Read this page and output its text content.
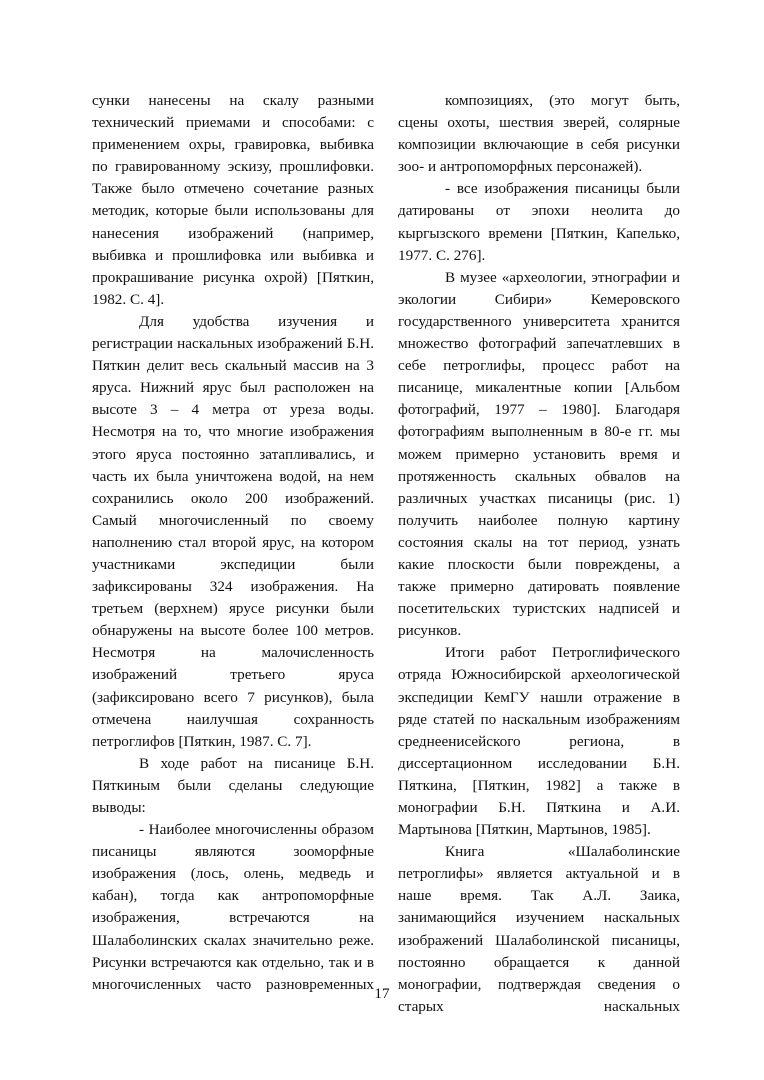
сунки нанесены на скалу разными технический приемами и способами: с применением охры, гравировка, выбивка по гравированному эскизу, прошлифовки. Также было отмечено сочетание разных методик, которые были использованы для нанесения изображений (например, выбивка и прошлифовка или выбивка и прокрашивание рисунка охрой) [Пяткин, 1982. С. 4].

Для удобства изучения и регистрации наскальных изображений Б.Н. Пяткин делит весь скальный массив на 3 яруса. Нижний ярус был расположен на высоте 3 – 4 метра от уреза воды. Несмотря на то, что многие изображения этого яруса постоянно затапливались, и часть их была уничтожена водой, на нем сохранились около 200 изображений. Самый многочисленный по своему наполнению стал второй ярус, на котором участниками экспедиции были зафиксированы 324 изображения. На третьем (верхнем) ярусе рисунки были обнаружены на высоте более 100 метров. Несмотря на малочисленность изображений третьего яруса (зафиксировано всего 7 рисунков), была отмечена наилучшая сохранность петроглифов [Пяткин, 1987. С. 7].

В ходе работ на писанице Б.Н. Пяткиным были сделаны следующие выводы:

- Наиболее многочисленны образом писаницы являются зооморфные изображения (лось, олень, медведь и кабан), тогда как антропоморфные изображения, встречаются на Шалаболинских скалах значительно реже. Рисунки встречаются как отдельно, так и в многочисленных часто разновременных

композициях, (это могут быть, сцены охоты, шествия зверей, солярные композиции включающие в себя рисунки зоо- и антропоморфных персонажей).

- все изображения писаницы были датированы от эпохи неолита до кыргызского времени [Пяткин, Капелько, 1977. С. 276].

В музее «археологии, этнографии и экологии Сибири» Кемеровского государственного университета хранится множество фотографий запечатлевших в себе петроглифы, процесс работ на писанице, микалентные копии [Альбом фотографий, 1977 – 1980]. Благодаря фотографиям выполненным в 80-е гг. мы можем примерно установить время и протяженность скальных обвалов на различных участках писаницы (рис. 1) получить наиболее полную картину состояния скалы на тот период, узнать какие плоскости были повреждены, а также примерно датировать появление посетительских туристских надписей и рисунков.

Итоги работ Петроглифического отряда Южносибирской археологической экспедиции КемГУ нашли отражение в ряде статей по наскальным изображениям среднеенисейского региона, в диссертационном исследовании Б.Н. Пяткина, [Пяткин, 1982] а также в монографии Б.Н. Пяткина и А.И. Мартынова [Пяткин, Мартынов, 1985].

Книга «Шалаболинские петроглифы» является актуальной и в наше время. Так А.Л. Заика, занимающийся изучением наскальных изображений Шалаболинской писаницы, постоянно обращается к данной монографии, подтверждая сведения о старых наскальных

17
